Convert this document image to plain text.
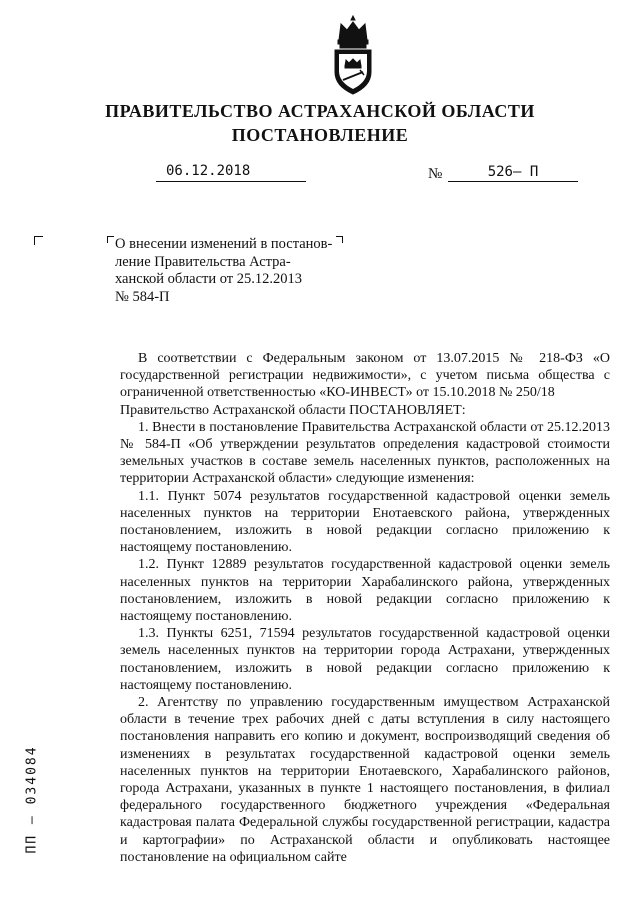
ПРАВИТЕЛЬСТВО АСТРАХАНСКОЙ ОБЛАСТИ
ПОСТАНОВЛЕНИЕ
06.12.2018	№	526– П
О внесении изменений в постанов-
ление Правительства Астра-
ханской области от 25.12.2013
№ 584-П

В соответствии с Федеральным законом от 13.07.2015 № 218-ФЗ «О государственной регистрации недвижимости», с учетом письма общества с ограниченной ответственностью «КО-ИНВЕСТ» от 15.10.2018 № 250/18

Правительство Астраханской области ПОСТАНОВЛЯЕТ:

1. Внести в постановление Правительства Астраханской области от 25.12.2013 № 584-П «Об утверждении результатов определения кадастровой стоимости земельных участков в составе земель населенных пунктов, расположенных на территории Астраханской области» следующие изменения:

1.1. Пункт 5074 результатов государственной кадастровой оценки земель населенных пунктов на территории Енотаевского района, утвержденных постановлением, изложить в новой редакции согласно приложению к настоящему постановлению.

1.2. Пункт 12889 результатов государственной кадастровой оценки земель населенных пунктов на территории Харабалинского района, утвержденных постановлением, изложить в новой редакции согласно приложению к настоящему постановлению.

1.3. Пункты 6251, 71594 результатов государственной кадастровой оценки земель населенных пунктов на территории города Астрахани, утвержденных постановлением, изложить в новой редакции согласно приложению к настоящему постановлению.

2. Агентству по управлению государственным имуществом Астраханской области в течение трех рабочих дней с даты вступления в силу настоящего постановления направить его копию и документ, воспроизводящий сведения об изменениях в результатах государственной кадастровой оценки земель населенных пунктов на территории Енотаевского, Харабалинского районов, города Астрахани, указанных в пункте 1 настоящего постановления, в филиал федерального государственного бюджетного учреждения «Федеральная кадастровая палата Федеральной службы государственной регистрации, кадастра и картографии» по Астраханской области и опубликовать настоящее постановление на официальном сайте

ПП – 034084
